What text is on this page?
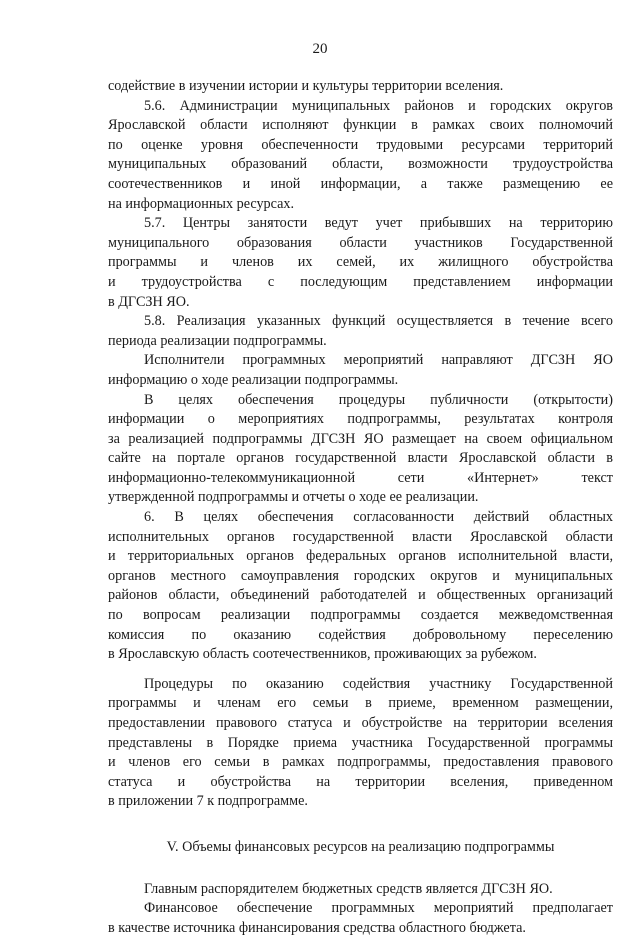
20
содействие в изучении истории и культуры территории вселения.
5.6. Администрации муниципальных районов и городских округов
Ярославской области исполняют функции в рамках своих полномочий
по оценке уровня обеспеченности трудовыми ресурсами территорий
муниципальных образований области, возможности трудоустройства
соотечественников и иной информации, а также размещению ее
на информационных ресурсах.
5.7. Центры занятости ведут учет прибывших на территорию
муниципального образования области участников Государственной
программы и членов их семей, их жилищного обустройства
и трудоустройства с последующим представлением информации
в ДГСЗН ЯО.
5.8. Реализация указанных функций осуществляется в течение всего
периода реализации подпрограммы.
Исполнители программных мероприятий направляют ДГСЗН ЯО
информацию о ходе реализации подпрограммы.
В целях обеспечения процедуры публичности (открытости)
информации о мероприятиях подпрограммы, результатах контроля
за реализацией подпрограммы ДГСЗН ЯО размещает на своем официальном
сайте на портале органов государственной власти Ярославской области в
информационно-телекоммуникационной сети «Интернет» текст
утвержденной подпрограммы и отчеты о ходе ее реализации.
6. В целях обеспечения согласованности действий областных
исполнительных органов государственной власти Ярославской области
и территориальных органов федеральных органов исполнительной власти,
органов местного самоуправления городских округов и муниципальных
районов области, объединений работодателей и общественных организаций
по вопросам реализации подпрограммы создается межведомственная
комиссия по оказанию содействия добровольному переселению
в Ярославскую область соотечественников, проживающих за рубежом.
Процедуры по оказанию содействия участнику Государственной
программы и членам его семьи в приеме, временном размещении,
предоставлении правового статуса и обустройстве на территории вселения
представлены в Порядке приема участника Государственной программы
и членов его семьи в рамках подпрограммы, предоставления правового
статуса и обустройства на территории вселения, приведенном
в приложении 7 к подпрограмме.
V. Объемы финансовых ресурсов на реализацию подпрограммы
Главным распорядителем бюджетных средств является ДГСЗН ЯО.
Финансовое обеспечение программных мероприятий предполагает
в качестве источника финансирования средства областного бюджета.
